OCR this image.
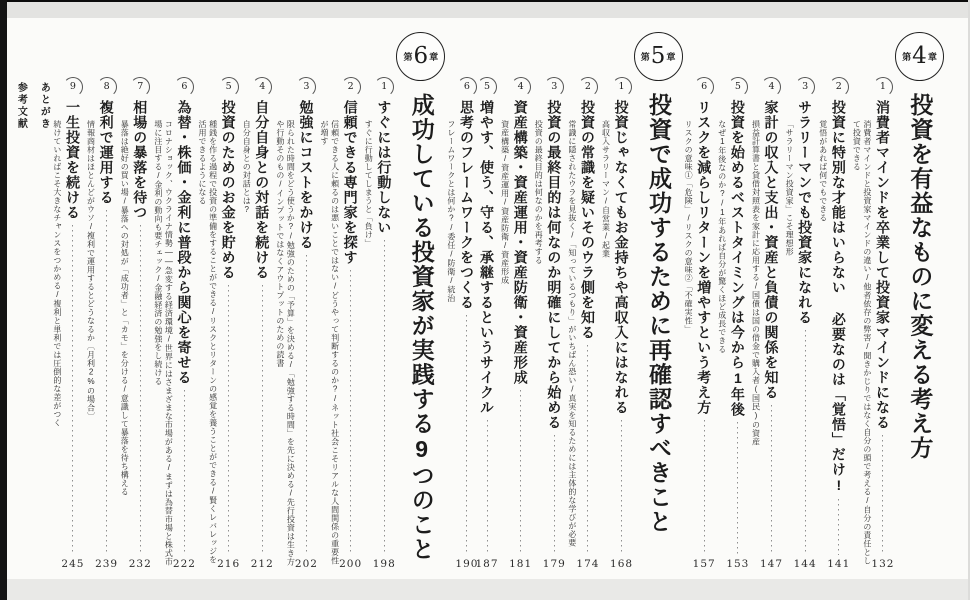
第 4 章
投資を有益なものに変える考え方
1
消費者マインドを卒業して投資家マインドになる
132
消費者マインドと投資家マインドの違い/他者依存の弊害/聞きかじりではなく自分の頭で考える/自分の責任として投資できる
2
投資に特別な才能はいらない 必要なのは「覚悟」だけ!
141
覚悟があれば何でもできる
3
サラリーマンでも投資家になれる
144
「サラリーマン投資家」こそ理想形
4
家計の収入と支出・資産と負債の関係を知る
147
損益計算書と貸借対照表を家計に応用する/国債は国の借金で購入者(国民)の資産
5
投資を始めるベストタイミングは今から1年後
153
なぜ1年後なのか?/1年あれば自分が驚くほど成長できる
6
リスクを減らしリターンを増やすという考え方
157
リスクの意味①「危険」/リスクの意味②「不確実性」
第 5 章
投資で成功するために再確認すべきこと
1
投資じゃなくてもお金持ちや高収入にはなれる
168
高収入サラリーマン/自営業/起業
2
投資の常識を疑いそのウラ側を知る
174
常識に隠されたウラを見抜く/「知っているつもり」がいちばん恐い/真実を知るためには主体的な学びが必要
3
投資の最終目的は何なのか明確にしてから始める
179
投資の最終目的は何なのかを再考する
4
資産構築・資産運用・資産防衛・資産形成
181
資産構築/資産運用/資産防衛/資産形成
5
増やす、使う、守る、承継するというサイクル
187
6
思考のフレームワークをつくる
190
フレームワークとは何か?/委任/防衛/統治
第 6 章
成功している投資家が実践する9つのこと
1
すぐには行動しない
198
すぐに行動してしまうと「負け」
2
信頼できる専門家を探す
200
信頼できる人に頼るのは悪いことではない/どうやって判断するのか?/ネット社会こそリアルな人間関係の重要性が増す
3
勉強にコストをかける
202
限られた時間をどう使うか?/勉強のための「予算」を決める/「勉強する時間」を先に決める/先行投資は生き方や行動そのもの/インプットではなくアウトプットのための読書
4
自分自身との対話を続ける
212
自分自身との対話とは?
5
投資のためのお金を貯める
216
種銭を作る過程で投資の準備をすることができる/リスクとリターンの感覚を養うことができる/賢くレバレッジを活用できるようになる
6
為替・株価・金利に普段から関心を寄せる
222
コロナショック、ウクライナ情勢――急変する経済環境/世界にはさまざまな市場がある/まずは為替市場と株式市場に注目する/金利の動向も要チェック/金融経済の勉強をし続ける
7
相場の暴落を待つ
232
暴落は絶好の買い場/暴落への対処が「成功者」と「カモ」を分ける/意識して暴落を待ち構える
8
複利で運用する
239
情報商材はほとんどがウソ/複利で運用するとどうなるか〔月利2%の場合〕
9
一生投資を続ける
245
続けていればこそ大きなチャンスをつかめる/複利と単利では圧倒的な差がつく
あとがき
参考文献
